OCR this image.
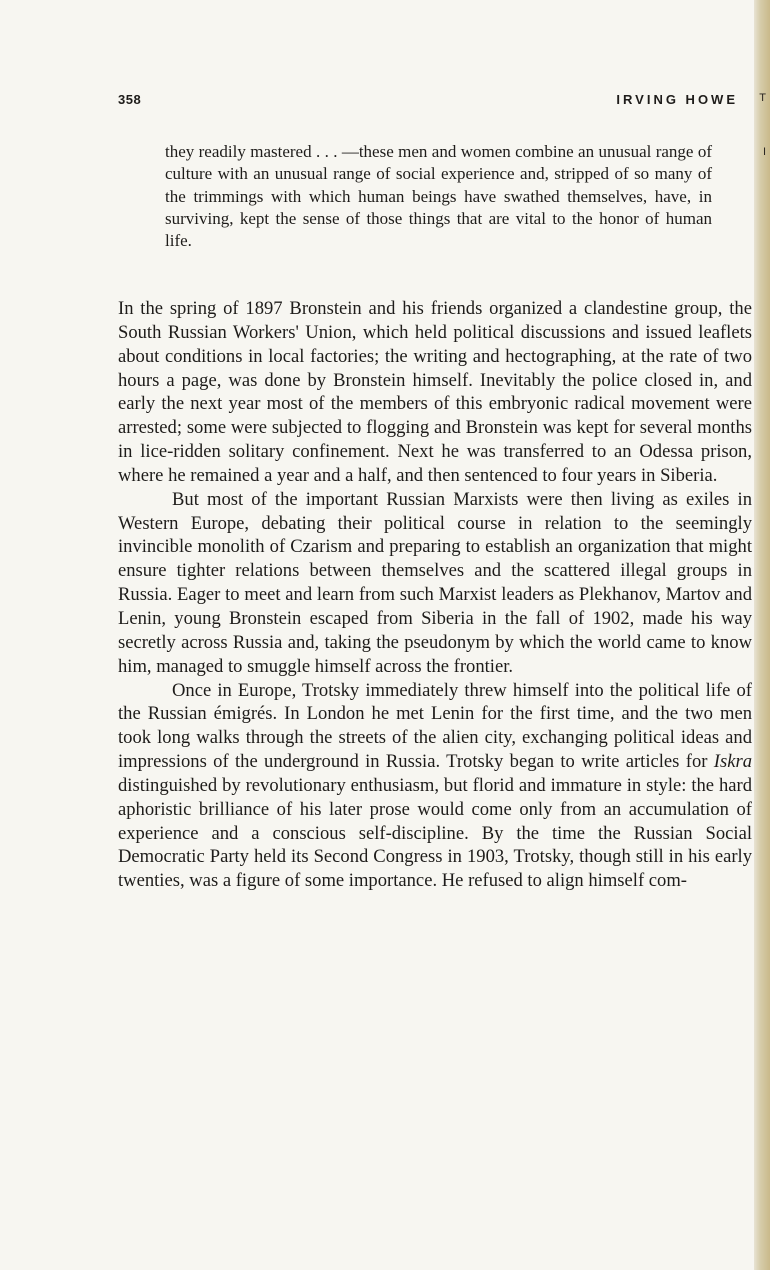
358	IRVING HOWE

they readily mastered . . . —these men and women combine an unusual range of culture with an unusual range of social experience and, stripped of so many of the trimmings with which human beings have swathed themselves, have, in surviving, kept the sense of those things that are vital to the honor of human life.

In the spring of 1897 Bronstein and his friends organized a clandestine group, the South Russian Workers' Union, which held political discussions and issued leaflets about conditions in local factories; the writing and hectographing, at the rate of two hours a page, was done by Bronstein himself. Inevitably the police closed in, and early the next year most of the members of this embryonic radical movement were arrested; some were subjected to flogging and Bronstein was kept for several months in lice-ridden solitary confinement. Next he was transferred to an Odessa prison, where he remained a year and a half, and then sentenced to four years in Siberia.

But most of the important Russian Marxists were then living as exiles in Western Europe, debating their political course in relation to the seemingly invincible monolith of Czarism and preparing to establish an organization that might ensure tighter relations between themselves and the scattered illegal groups in Russia. Eager to meet and learn from such Marxist leaders as Plekhanov, Martov and Lenin, young Bronstein escaped from Siberia in the fall of 1902, made his way secretly across Russia and, taking the pseudonym by which the world came to know him, managed to smuggle himself across the frontier.

Once in Europe, Trotsky immediately threw himself into the political life of the Russian émigrés. In London he met Lenin for the first time, and the two men took long walks through the streets of the alien city, exchanging political ideas and impressions of the underground in Russia. Trotsky began to write articles for Iskra distinguished by revolutionary enthusiasm, but florid and immature in style: the hard aphoristic brilliance of his later prose would come only from an accumulation of experience and a conscious self-discipline. By the time the Russian Social Democratic Party held its Second Congress in 1903, Trotsky, though still in his early twenties, was a figure of some importance. He refused to align himself com-

T
I
